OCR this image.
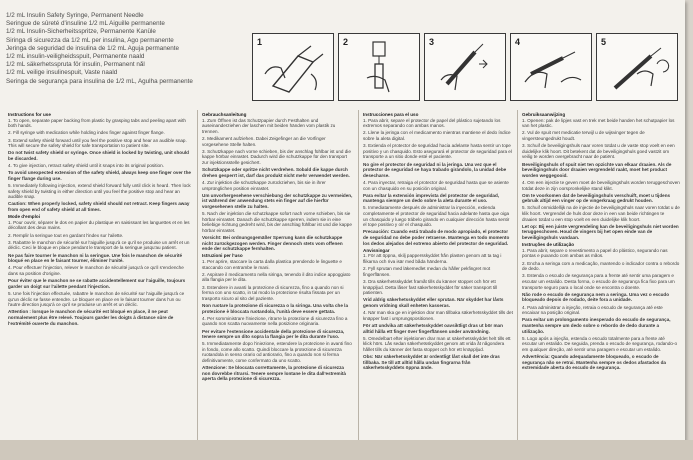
1/2 mL Insulin Safety Syringe, Permanent Needle
Seringue de sûreté d'insuline 1/2 mL Aiguille permanente
1/2 mL Insulin-Sicherheitsspritze, Permanente Kanüle
Siringa di sicurezza da 1/2 mL per insulina, Ago permanente
Jeringa de seguridad de insulina de 1/2 mL Aguja permanente
1/2 mL insulin-veiligheidsspuit, Permanente naald
1/2 mL säkerhetsspruta för insulin, Permanent nål
1/2 mL veilige insulinespuit, Vaste naald
Seringa de segurança para insulina de 1/2 mL, Agulha permanente
1	2	3	4	5
Instructions for use

1. To open, separate paper backing from plastic by grasping tabs and peeling apart with both hands.

2. Fill syringe with medication while holding index finger against finger flange.

3. Extend safety shield forward until you feel the positive stop and hear an audible snap. This will secure the safety shield for safe transportation to patient site.

Do not twist safety shield or syringe. Once shield is locked by twisting, unit should be discarded.

4. To give injection, retract safety shield until it snaps into its original position.

To avoid unexpected extension of the safety shield, always keep one finger over the finger flange during use.

5. Immediately following injection, extend shield forward fully until click is heard. Then lock safety shield by twisting in either direction until you feel the positive stop and hear an audible snap.

Caution: When properly locked, safety shield should not retract. Keep fingers away from open end of safety shield at all times.

Mode d'emploi

1. Pour ouvrir, séparer le dos en papier du plastique en saisissant les languettes et en les décollant des deux mains.

2. Remplir la seringue tout en gardant l'index sur l'ailette.

3. Rabattre le manchon de sécurité sur l'aiguille jusqu'à ce qu'il se produise un arrêt et un déclic. Ceci le bloque en place pendant le transport de la seringue jusqu'au patient.

Ne pas faire tourner le manchon ni la seringue. Une fois le manchon de sécurité bloqué en place en le faisant tourner, éliminer l'unité.

4. Pour effectuer l'injection, relever le manchon de sécurité jusqu'à ce qu'il s'enclenche dans sa position d'origine.

Pour éviter que le manchon ne se rabatte accidentellement sur l'aiguille, toujours garder un doigt sur l'ailette pendant l'injection.

5. Une fois l'injection effectuée, rabattre le manchon de sécurité sur l'aiguille jusqu'à ce qu'un déclic se fasse entendre. Le bloquer en place en le faisant tourner dans l'un ou l'autre direction jusqu'à ce qu'il se produise un arrêt et un déclic.

Attention : lorsque le manchon de sécurité est bloqué en place, il ne peut normalement plus être relevé. Toujours garder les doigts à distance sûre de l'extrémité ouverte du manchon.

Gebrauchsanleitung

1. Zum Öffnen ist das Schutzpapier durch Festhalten und auseinanderziehen der laschen mit beiden händen vom plastik zu trennen.

2. Medikament aufziehen. Dabei Zeigefinger an die Vorfinger vorgesehene Stelle halten.

3. Schutzkappe nach vorne schieben, bis der anschlag fühlbar ist und die kappe hörbar einrastet. Dadurch wird die schutzkappe für den transport zur injektionsstelle gesichert.

Schutzkappe oder spritze nicht verdrehen. Sobald die kappe durch drehen gesperrt ist, darf das produkt nicht mehr verwendet werden.

4. Zur injektion die schutzkappe zurückziehen, bis sie in ihrer ursprünglichen position einrastet.

Um unvorhergesehene verschiebung der schutzkappe zu vermeiden, ist während der anwendung stets ein finger auf die hierfür vorgesehenen stelle zu halten.

5. Nach der injektion die schutzkappe sofort nach vorne schieben, bis sie hörbar einrastet. Danach die schutzkappe sperren, indem sie in eine beliebige richtung gedreht wird, bis der anschlag fühlbar ist und die kappe hörbar einrastet.

Vorsicht: Bei ordnungsgemäßer Sperrung kann die schutzkappe nicht zurückgezogen werden. Finger dennoch stets vom offenen ende der schutzkappe fernhalten.

Istruzioni per l'uso

1. Per aprire, staccare la carta dalla plastica prendendo le linguette e staccando con entrambe le mani.

2. Aspirare il medicamento nella siringa, tenendo il dito indice appoggiato alla flangia per le dita.

3. Estendere in avanti la protezione di sicurezza, fino a quando non si ferma con uno scatto, in tal modo la protezione risulta fissata per un trasporto sicuro al sito del paziente.

Non ruotare la protezione di sicurezza o la siringa. Una volta che la protezione è bloccata ruotandola, l'unità deve essere gettata.

4. Per somministrare l'iniezione, ritrarre la protezione di sicurezza fino a quando non scatta nuovamente nella posizione originaria.

Per evitare l'estensione accidentale della protezione di sicurezza, tenere sempre un dito sopra la flangia per le dita durante l'uso.

5. Immediatamente dopo l'iniezione, estendere la protezione in avanti fino in fondo, come allo scatto. Quindi bloccare la protezione di sicurezza ruotandola in senso orario od antiorario, fino a quando non si ferma definitivamente, come confermato da uno scatto.

Attenzione: Se bloccata correttamente, la protezione di sicurezza non dovrebbe ritrarsi. Tenere sempre lontane le dita dall'estremità aperta della protezione di sicurezza.

Instrucciones para el uso

1. Para abrir, separe el protector de papel del plástico sujetando los extremos separando con ambas manos.

2. Llene la jeringa con el medicamento mientras mantiene el dedo índice sobre la aleta digital.

3. Extienda el protector de seguridad hacia adelante hasta sentir un tope positivo y un chasquido. Esto asegurará el protector de seguridad para el transporte a un sitio donde esté el paciente.

No gire el protector de seguridad ni la jeringa. Una vez que el protector de seguridad se haya trabado girándolo, la unidad debe desecharse.

4. Para inyectar, retraiga el protector de seguridad hasta que se asiente con un chasquido en su posición original.

Para evitar la extensión imprevista del protector de seguridad, mantenga siempre un dedo sobre la aleta durante el uso.

5. Inmediatamente después de administrar la inyección, extienda completamente el protector de seguridad hacia adelante hasta que oiga un chasquido y luego trábelo girando en cualquier dirección hasta sentir el tope positivo y oír el chasquido.

Precaución: Cuando está trabado de modo apropiado, el protector de seguridad no debe poder retraerse. Mantenga en todo momento los dedos alejados del extremo abierto del protector de seguridad.

Anvisningar

1. För att öppna, skilj pappersskyddet från plasten genom att ta tag i flikarna och riva isär med båda händerna.

2. Fyll sprutan med läkemedlet medan du håller pekfingret mot fingerflänsen.

3. Dra säkerhetsskyddet framåt tills du känner stoppet och hör ett knäppljud. Detta låser fast säkerhetsskyddet för säker transport till patienten.

Vrid aldrig säkerhetsskyddet eller sprutan. När skyddet har låsts genom vridning skall enheten kasseras.

4. När man ska ge en injektion drar man tillbaka säkerhetsskyddet tills det knäpper fast i ursprungspositionen.

För att undvika att säkerhetsskyddet oavsiktligt dras ut bör man alltid hålla ett finger över fingerflänsen under användning.

5. Omedelbart efter injektionen drar man ut säkerhetsskyddet helt tills ett klick hörs. Lås sedan säkerhetsskyddet genom att vrida åt någondera hållet tills du känner det fasta stoppet och hör ett knäppljud.

Obs: När säkerhetsskyddet är ordentligt låst skall det inte dras tillbaka. Se till att alltid hålla undan fingrarna från säkerhetsskyddets öppna ände.

Gebruiksaanwijzing

1. Openen: pak de lipjes vast en trek met beide handen het schutpapier los van het plastic.

2. Vul de spuit met medicatie terwijl u de wijsvinger tegen de vingersteungedrukt houdt.

3. Schuif de beveiligingshuls naar voren totdat u de vaste stop voelt en een duidelijke klik hoort. Dit betekent dat de beveiligingshuls goed vastzit om veilig te worden overgebracht naar de patiënt.

Beveiligingshuls of spuit niet ten opzichte van elkaar draaien. Als de beveiligingshuls door draaien vergrendeld raakt, moet het product worden weggegooid.

4. Om een injectie te geven moet de beveiligingshuls worden teruggeschoven totdat deze in zijn oorspronkelijke stand klikt.

Om te voorkomen dat de beveiligingshuls verschuift, moet u tijdens gebruik altijd een vinger op de vingerkraag gedrukt houden.

5. Schuif onmiddellijk na de injectie de beveiligingshuls naar voren totdat u de klik hoort. Vergrendel de huls door deze in een van beide richtingen te draaien totdat u een stop voelt en een duidelijke klik hoort.

Let op: Bij een juiste vergrendeling kan de beveiligingshuls niet worden teruggeschoven. Houd de vingers bij het open einde van de beveiligingshuls vandaan.

Instruções de utilização

1. Para abrir, separe o revestimento a papel do plástico, segurando nas pontas e puxando com ambas as mãos.

2. Encha a seringa com a medicação, mantendo o indicador contra o rebordo de dedo.

3. Estenda o escudo de segurança para a frente até sentir uma paragem e escutar um estalido. Desta forma, o escudo de segurança fica fixo para um transporte seguro para o local onde se encontra o doente.

Não rode o escudo de segurança nem a seringa. Uma vez o escudo bloqueado depois de rodado, deite fora a unidade.

4. Para administrar a injeção, retraia o escudo de segurança até este encaixar na posição original.

Para evitar um prolongamento inesperado do escudo de segurança, mantenha sempre um dedo sobre o rebordo de dedo durante a utilização.

5. Logo após a injeção, estenda o escudo totalmente para a frente até escutar um estalido. De seguida, prenda o escudo de segurança, rodando-o em qualquer direção, até sentir uma paragem e escutar um estalido.

Advertência: Quando adequadamente bloqueado, o escudo de segurança não se retrai. Mantenha sempre os dedos afastados da extremidade aberta do escudo de segurança.
